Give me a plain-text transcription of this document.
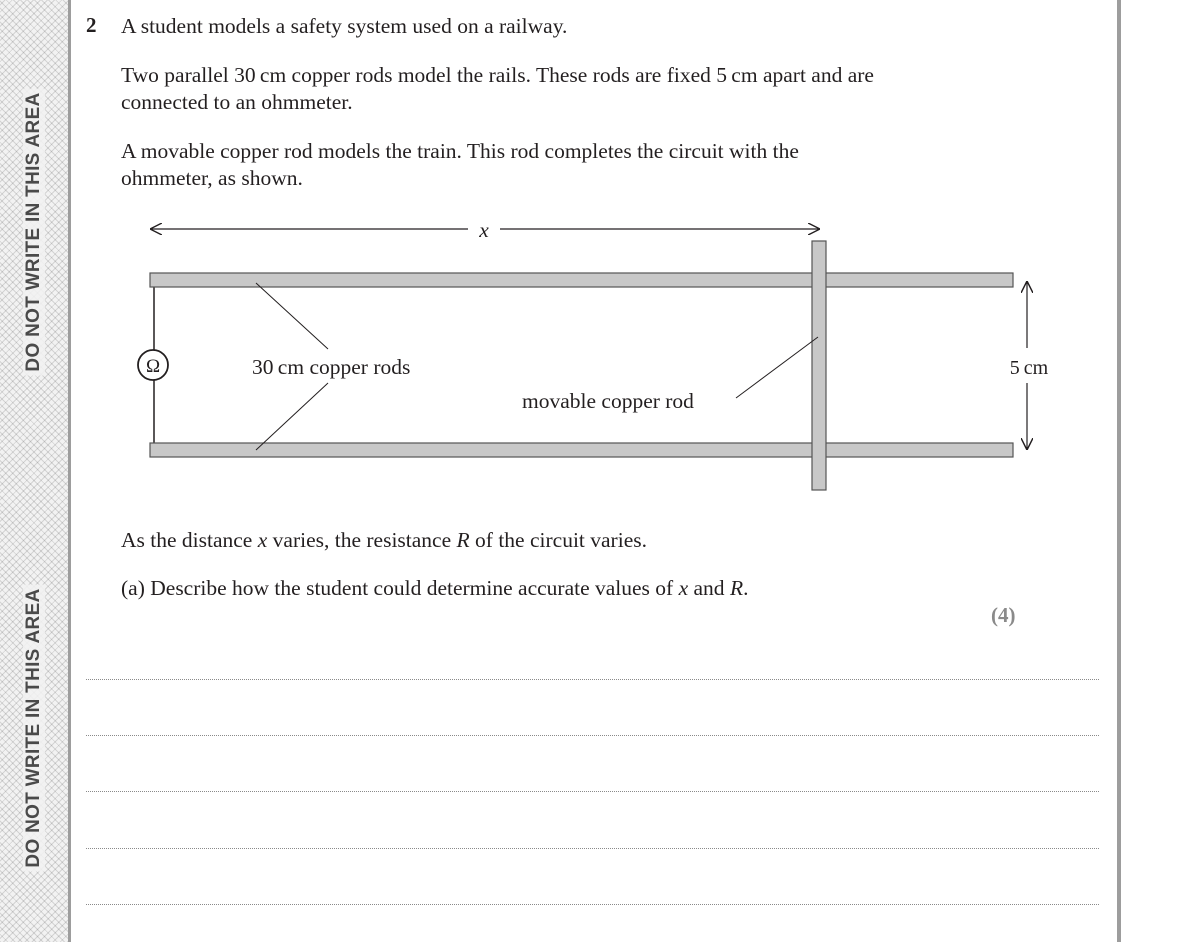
DO NOT WRITE IN THIS AREA
DO NOT WRITE IN THIS AREA
2 A student models a safety system used on a railway.
Two parallel 30 cm copper rods model the rails. These rods are fixed 5 cm apart and are
connected to an ohmmeter.
A movable copper rod models the train. This rod completes the circuit with the
ohmmeter, as shown.
x
Ω	30 cm copper rods
movable copper rod
5 cm
As the distance x varies, the resistance R of the circuit varies.
(a) Describe how the student could determine accurate values of x and R.
(4)
